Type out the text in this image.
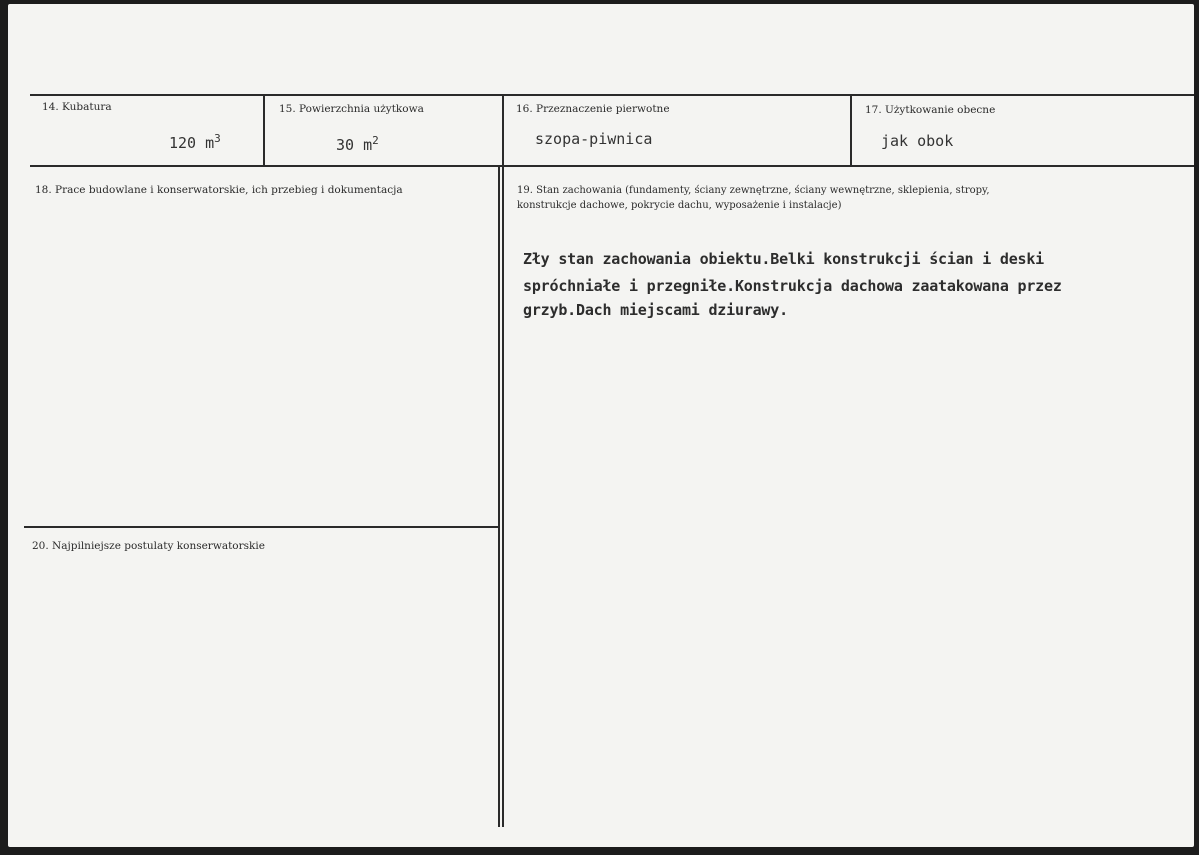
14. Kubatura
120 $m^3$
15. Powierzchnia użytkowa
30 $m^2$
16. Przeznaczenie pierwotne
szopa-piwnica
17. Użytkowanie obecne
jak obok
18. Prace budowlane i konserwatorskie, ich przebieg i dokumentacja	19. Stan zachowania (fundamenty, ściany zewnętrzne, ściany wewnętrzne, sklepienia, stropy,
konstrukcje dachowe, pokrycie dachu, wyposażenie i instalacje)
Zły stan zachowania obiektu.Belki konstrukcji ścian i deski
spróchniałe i przegniłe.Konstrukcja dachowa zaatakowana przez
grzyb.Dach miejscami dziurawy.
20. Najpilniejsze postulaty konserwatorskie
